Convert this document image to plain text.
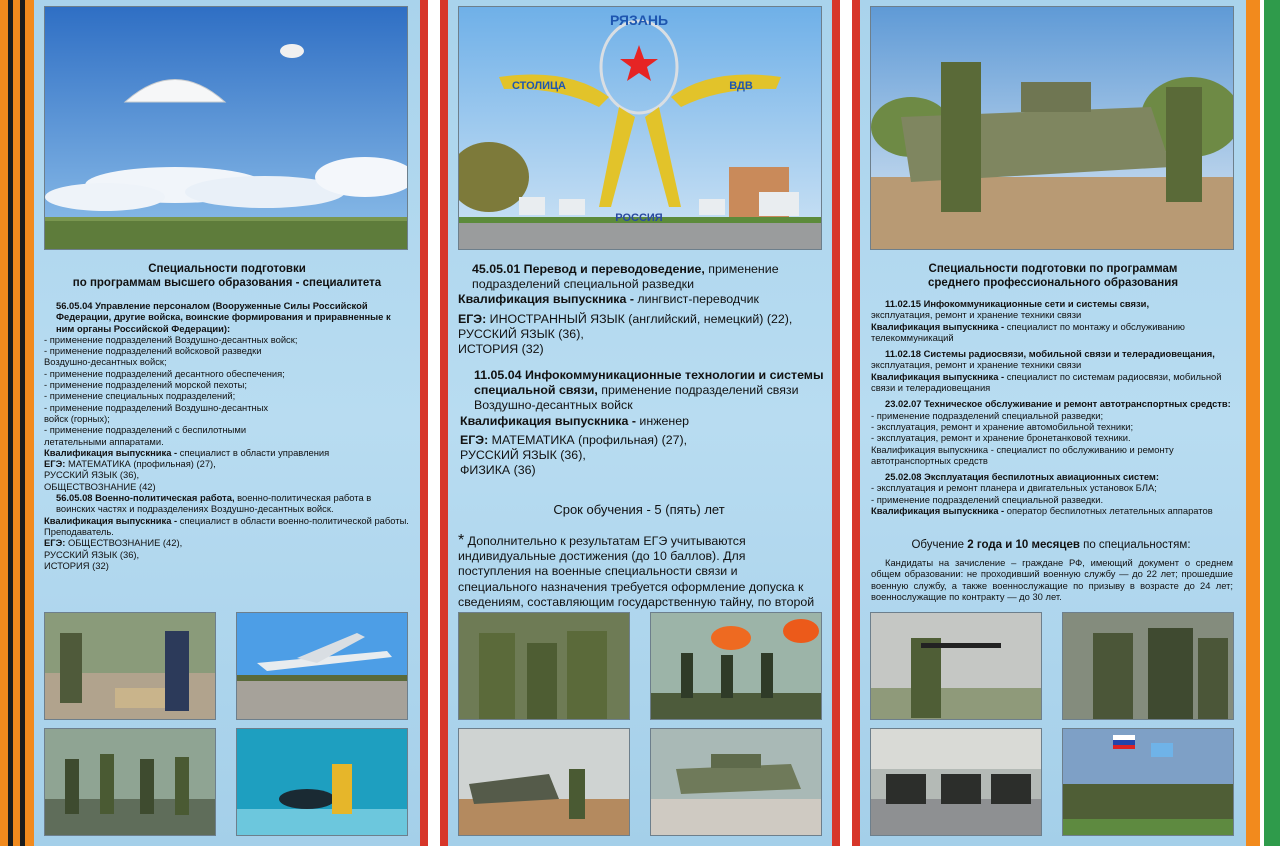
Специальности подготовки

по программам высшего образования - специалитета

56.05.04 Управление персоналом (Вооруженные Силы Российской Федерации, другие войска, воинские формирования и приравненные к ним органы Российской Федерации):

- применение подразделений Воздушно-десантных войск;

- применение подразделений войсковой разведки

Воздушно-десантных войск;

- применение подразделений десантного обеспечения;

- применение подразделений морской пехоты;

- применение специальных подразделений;

- применение подразделений Воздушно-десантных

войск (горных);

- применение подразделений с беспилотными

летательными аппаратами.

Квалификация выпускника - специалист в области управления

ЕГЭ: МАТЕМАТИКА (профильная) (27),

РУССКИЙ ЯЗЫК (36),

ОБЩЕСТВОЗНАНИЕ (42)

56.05.08 Военно-политическая работа, военно-политическая работа в воинских частях и подразделениях Воздушно-десантных войск.

Квалификация выпускника - специалист в области военно-политической работы. Преподаватель.

ЕГЭ: ОБЩЕСТВОЗНАНИЕ (42),

РУССКИЙ ЯЗЫК (36),

ИСТОРИЯ (32)

РЯЗАНЬ
СТОЛИЦА	ВДВ
РОССИЯ

45.05.01 Перевод и переводоведение, применение подразделений специальной разведки

Квалификация выпускника - лингвист-переводчик

ЕГЭ: ИНОСТРАННЫЙ ЯЗЫК (английский, немецкий) (22),

РУССКИЙ ЯЗЫК (36),

ИСТОРИЯ (32)

11.05.04 Инфокоммуникационные технологии и системы специальной связи, применение подразделений связи Воздушно-десантных войск

Квалификация выпускника - инженер

ЕГЭ: МАТЕМАТИКА (профильная) (27),

РУССКИЙ ЯЗЫК (36),

ФИЗИКА (36)

Срок обучения - 5 (пять) лет

* Дополнительно к результатам ЕГЭ учитываются индивидуальные достижения (до 10 баллов). Для поступления на военные специальности связи и специального назначения требуется оформление допуска к сведениям, составляющим государственную тайну, по второй

Специальности подготовки по программам

среднего профессионального образования

11.02.15 Инфокоммуникационные сети и системы связи,

эксплуатация, ремонт и хранение техники связи

Квалификация выпускника - специалист по монтажу и обслуживанию телекоммуникаций

11.02.18 Системы радиосвязи, мобильной связи и телерадиовещания,

эксплуатация, ремонт и хранение техники связи

Квалификация выпускника - специалист по системам радиосвязи, мобильной связи и телерадиовещания

23.02.07 Техническое обслуживание и ремонт автотранспортных средств:

- применение подразделений специальной разведки;

- эксплуатация, ремонт и хранение автомобильной техники;

- эксплуатация, ремонт и хранение бронетанковой техники.

Квалификация выпускника - специалист по обслуживанию и ремонту автотранспортных средств

25.02.08 Эксплуатация беспилотных авиационных систем:

- эксплуатация и ремонт планера и двигательных установок БЛА;

- применение подразделений специальной разведки.

Квалификация выпускника - оператор беспилотных летательных аппаратов

Обучение 2 года и 10 месяцев по специальностям:
Кандидаты на зачисление – граждане РФ, имеющий документ о среднем общем образовании: не проходивший военную службу — до 22 лет; прошедшие военную службу, а также военнослужащие по призыву в возрасте до 24 лет; военнослужащие по контракту — до 30 лет.
